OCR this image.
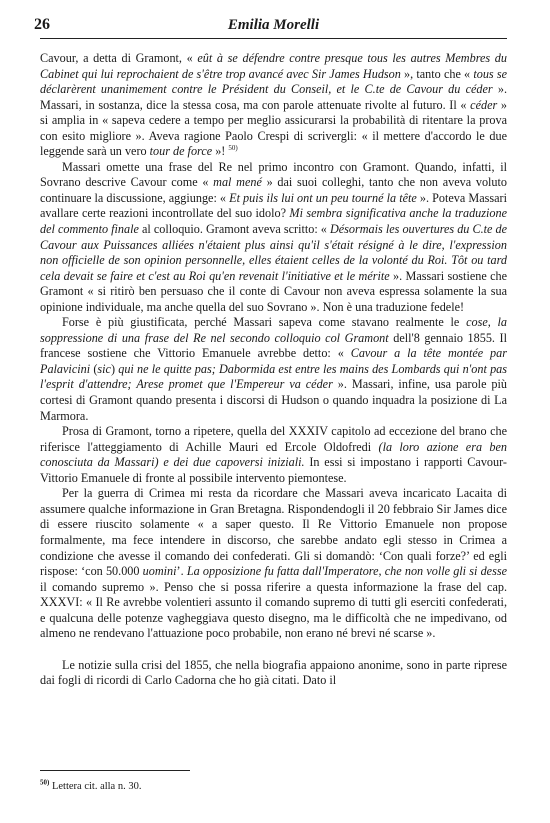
26	Emilia Morelli

Cavour, a detta di Gramont, « eût à se défendre contre presque tous les autres Membres du Cabinet qui lui reprochaient de s'être trop avancé avec Sir James Hudson », tanto che « tous se déclarèrent unanimement contre le Président du Conseil, et le C.te de Cavour du céder ». Massari, in sostanza, dice la stessa cosa, ma con parole attenuate rivolte al futuro. Il « céder » si amplia in « sapeva cedere a tempo per meglio assicurarsi la probabilità di ritentare la prova con esito migliore ». Aveva ragione Paolo Crespi di scrivergli: « il mettere d'accordo le due leggende sarà un vero tour de force »! $^{50)}$

Massari omette una frase del Re nel primo incontro con Gramont. Quando, infatti, il Sovrano descrive Cavour come « mal mené » dai suoi colleghi, tanto che non aveva voluto continuare la discussione, aggiunge: « Et puis ils lui ont un peu tourné la tête ». Poteva Massari avallare certe reazioni incontrollate del suo idolo? Mi sembra significativa anche la traduzione del commento finale al colloquio. Gramont aveva scritto: « Désormais les ouvertures du C.te de Cavour aux Puissances alliées n'étaient plus ainsi qu'il s'était résigné à le dire, l'expression non officielle de son opinion personnelle, elles étaient celles de la volonté du Roi. Tôt ou tard cela devait se faire et c'est au Roi qu'en revenait l'initiative et le mérite ». Massari sostiene che Gramont « si ritirò ben persuaso che il conte di Cavour non aveva espressa solamente la sua opinione individuale, ma anche quella del suo Sovrano ». Non è una traduzione fedele!

Forse è più giustificata, perché Massari sapeva come stavano realmente le cose, la soppressione di una frase del Re nel secondo colloquio col Gramont dell'8 gennaio 1855. Il francese sostiene che Vittorio Emanuele avrebbe detto: « Cavour a la tête montée par Palavicini (sic) qui ne le quitte pas; Dabormida est entre les mains des Lombards qui n'ont pas l'esprit d'attendre; Arese promet que l'Empereur va céder ». Massari, infine, usa parole più cortesi di Gramont quando presenta i discorsi di Hudson o quando inquadra la posizione di La Marmora.

Prosa di Gramont, torno a ripetere, quella del XXXIV capitolo ad eccezione del brano che riferisce l'atteggiamento di Achille Mauri ed Ercole Oldofredi (la loro azione era ben conosciuta da Massari) e dei due capoversi iniziali. In essi si impostano i rapporti Cavour-Vittorio Emanuele di fronte al possibile intervento piemontese.

Per la guerra di Crimea mi resta da ricordare che Massari aveva incaricato Lacaita di assumere qualche informazione in Gran Bretagna. Rispondendogli il 20 febbraio Sir James dice di essere riuscito solamente « a saper questo. Il Re Vittorio Emanuele non propose formalmente, ma fece intendere in discorso, che sarebbe andato egli stesso in Crimea a condizione che avesse il comando dei confederati. Gli si domandò: ‘Con quali forze?’ ed egli rispose: ‘con 50.000 uomini’. La opposizione fu fatta dall'Imperatore, che non volle gli si desse il comando supremo ». Penso che si possa riferire a questa informazione la frase del cap. XXXVI: « Il Re avrebbe volentieri assunto il comando supremo di tutti gli eserciti confederati, e qualcuna delle potenze vagheggiava questo disegno, ma le difficoltà che ne impedivano, od almeno ne rendevano l'attuazione poco probabile, non erano né brevi né scarse ».

Le notizie sulla crisi del 1855, che nella biografia appaiono anonime, sono in parte riprese dai fogli di ricordi di Carlo Cadorna che ho già citati. Dato il

$^{50)}$ Lettera cit. alla n. 30.
